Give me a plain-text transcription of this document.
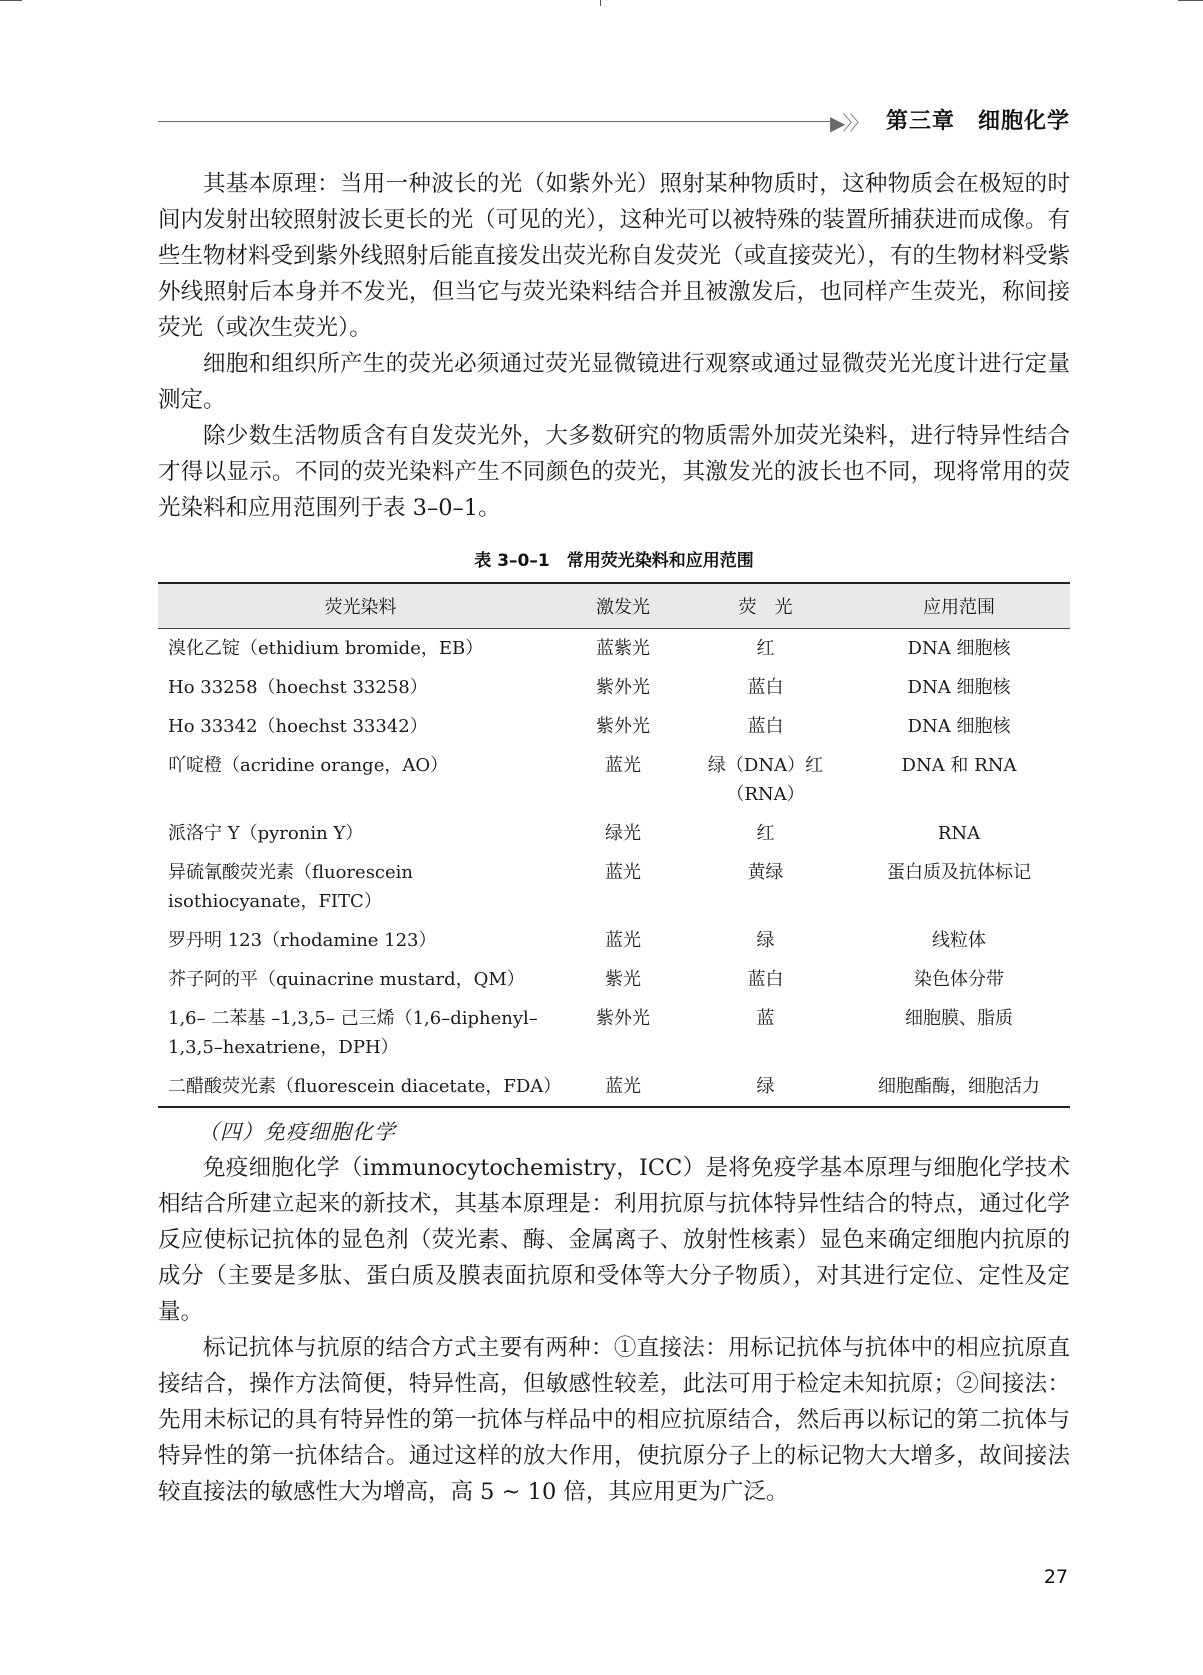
▶〉〉 第三章　细胞化学

其基本原理：当用一种波长的光（如紫外光）照射某种物质时，这种物质会在极短的时间内发射出较照射波长更长的光（可见的光），这种光可以被特殊的装置所捕获进而成像。有些生物材料受到紫外线照射后能直接发出荧光称自发荧光（或直接荧光），有的生物材料受紫外线照射后本身并不发光，但当它与荧光染料结合并且被激发后，也同样产生荧光，称间接荧光（或次生荧光）。

细胞和组织所产生的荧光必须通过荧光显微镜进行观察或通过显微荧光光度计进行定量测定。

除少数生活物质含有自发荧光外，大多数研究的物质需外加荧光染料，进行特异性结合才得以显示。不同的荧光染料产生不同颜色的荧光，其激发光的波长也不同，现将常用的荧光染料和应用范围列于表 3–0–1。

表 3–0–1　常用荧光染料和应用范围
荧光染料	激发光	荧　光	应用范围
溴化乙锭（ethidium bromide，EB）	蓝紫光	红	DNA 细胞核
Ho 33258（hoechst 33258）	紫外光	蓝白	DNA 细胞核
Ho 33342（hoechst 33342）	紫外光	蓝白	DNA 细胞核
吖啶橙（acridine orange，AO）	蓝光	绿（DNA）红（RNA）	DNA 和 RNA
派洛宁 Y（pyronin Y）	绿光	红	RNA
异硫氰酸荧光素（fluorescein isothiocyanate，FITC）	蓝光	黄绿	蛋白质及抗体标记
罗丹明 123（rhodamine 123）	蓝光	绿	线粒体
芥子阿的平（quinacrine mustard，QM）	紫光	蓝白	染色体分带
1,6– 二苯基 –1,3,5– 己三烯（1,6–diphenyl–1,3,5–hexatriene，DPH）	紫外光	蓝	细胞膜、脂质
二醋酸荧光素（fluorescein diacetate，FDA）	蓝光	绿	细胞酯酶，细胞活力
（四）免疫细胞化学

免疫细胞化学（immunocytochemistry，ICC）是将免疫学基本原理与细胞化学技术相结合所建立起来的新技术，其基本原理是：利用抗原与抗体特异性结合的特点，通过化学反应使标记抗体的显色剂（荧光素、酶、金属离子、放射性核素）显色来确定细胞内抗原的成分（主要是多肽、蛋白质及膜表面抗原和受体等大分子物质），对其进行定位、定性及定量。

标记抗体与抗原的结合方式主要有两种：①直接法：用标记抗体与抗体中的相应抗原直接结合，操作方法简便，特异性高，但敏感性较差，此法可用于检定未知抗原；②间接法：先用未标记的具有特异性的第一抗体与样品中的相应抗原结合，然后再以标记的第二抗体与特异性的第一抗体结合。通过这样的放大作用，使抗原分子上的标记物大大增多，故间接法较直接法的敏感性大为增高，高 5 ~ 10 倍，其应用更为广泛。

27
